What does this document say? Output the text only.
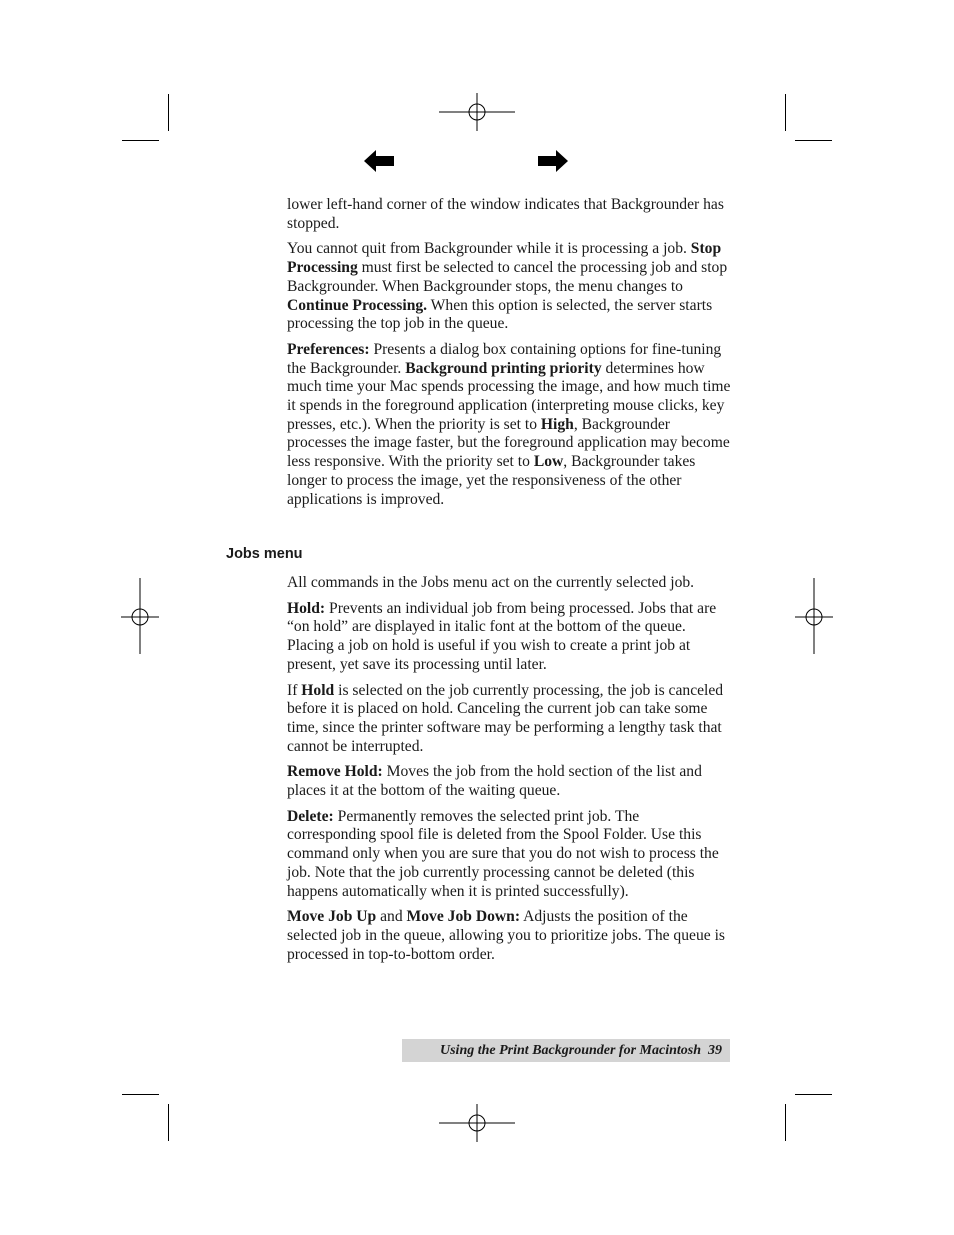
lower left-hand corner of the window indicates that Backgrounder has stopped.

You cannot quit from Backgrounder while it is processing a job. Stop Processing must first be selected to cancel the processing job and stop Backgrounder. When Backgrounder stops, the menu changes to Continue Processing. When this option is selected, the server starts processing the top job in the queue.

Preferences: Presents a dialog box containing options for fine-tuning the Backgrounder. Background printing priority determines how much time your Mac spends processing the image, and how much time it spends in the foreground application (interpreting mouse clicks, key presses, etc.). When the priority is set to High, Backgrounder processes the image faster, but the foreground application may become less responsive. With the priority set to Low, Backgrounder takes longer to process the image, yet the responsiveness of the other applications is improved.

Jobs menu

All commands in the Jobs menu act on the currently selected job.

Hold: Prevents an individual job from being processed. Jobs that are “on hold” are displayed in italic font at the bottom of the queue. Placing a job on hold is useful if you wish to create a print job at present, yet save its processing until later.

If Hold is selected on the job currently processing, the job is canceled before it is placed on hold. Canceling the current job can take some time, since the printer software may be performing a lengthy task that cannot be interrupted.

Remove Hold: Moves the job from the hold section of the list and places it at the bottom of the waiting queue.

Delete: Permanently removes the selected print job. The corresponding spool file is deleted from the Spool Folder. Use this command only when you are sure that you do not wish to process the job. Note that the job currently processing cannot be deleted (this happens automatically when it is printed successfully).

Move Job Up and Move Job Down: Adjusts the position of the selected job in the queue, allowing you to prioritize jobs. The queue is processed in top-to-bottom order.

Using the Print Backgrounder for Macintosh  39
